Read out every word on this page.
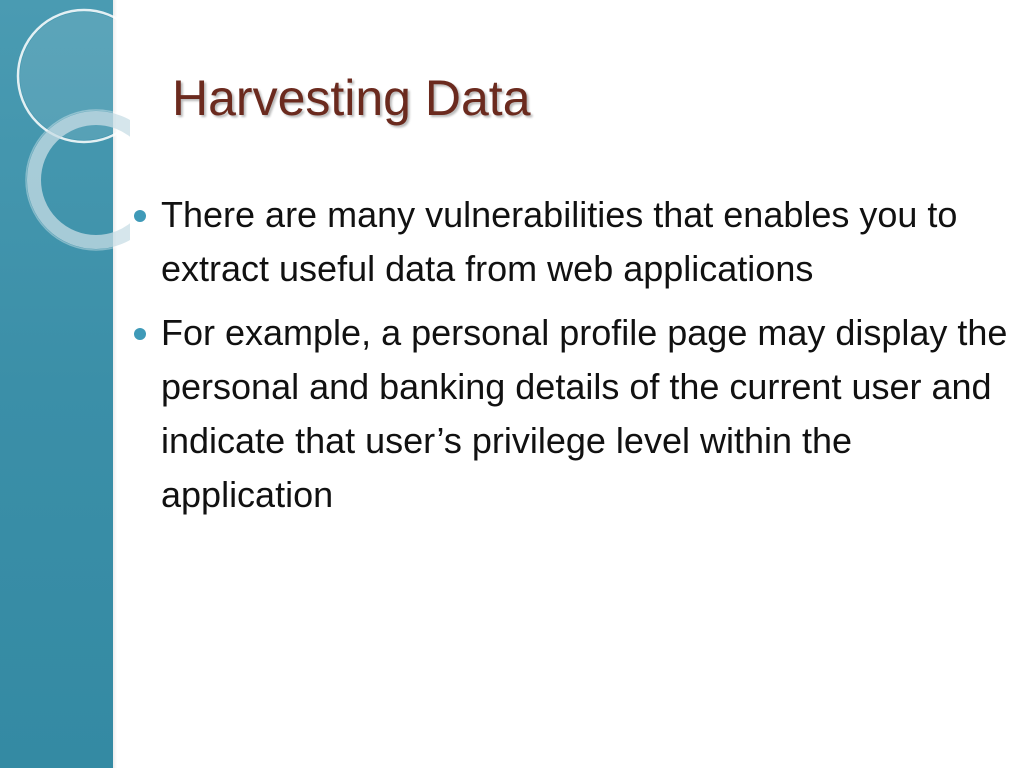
Harvesting Data
There are many vulnerabilities that enables you to extract useful data from web applications
For example, a personal profile page may display the personal and banking details of the current user and indicate that user’s privilege level within the application
